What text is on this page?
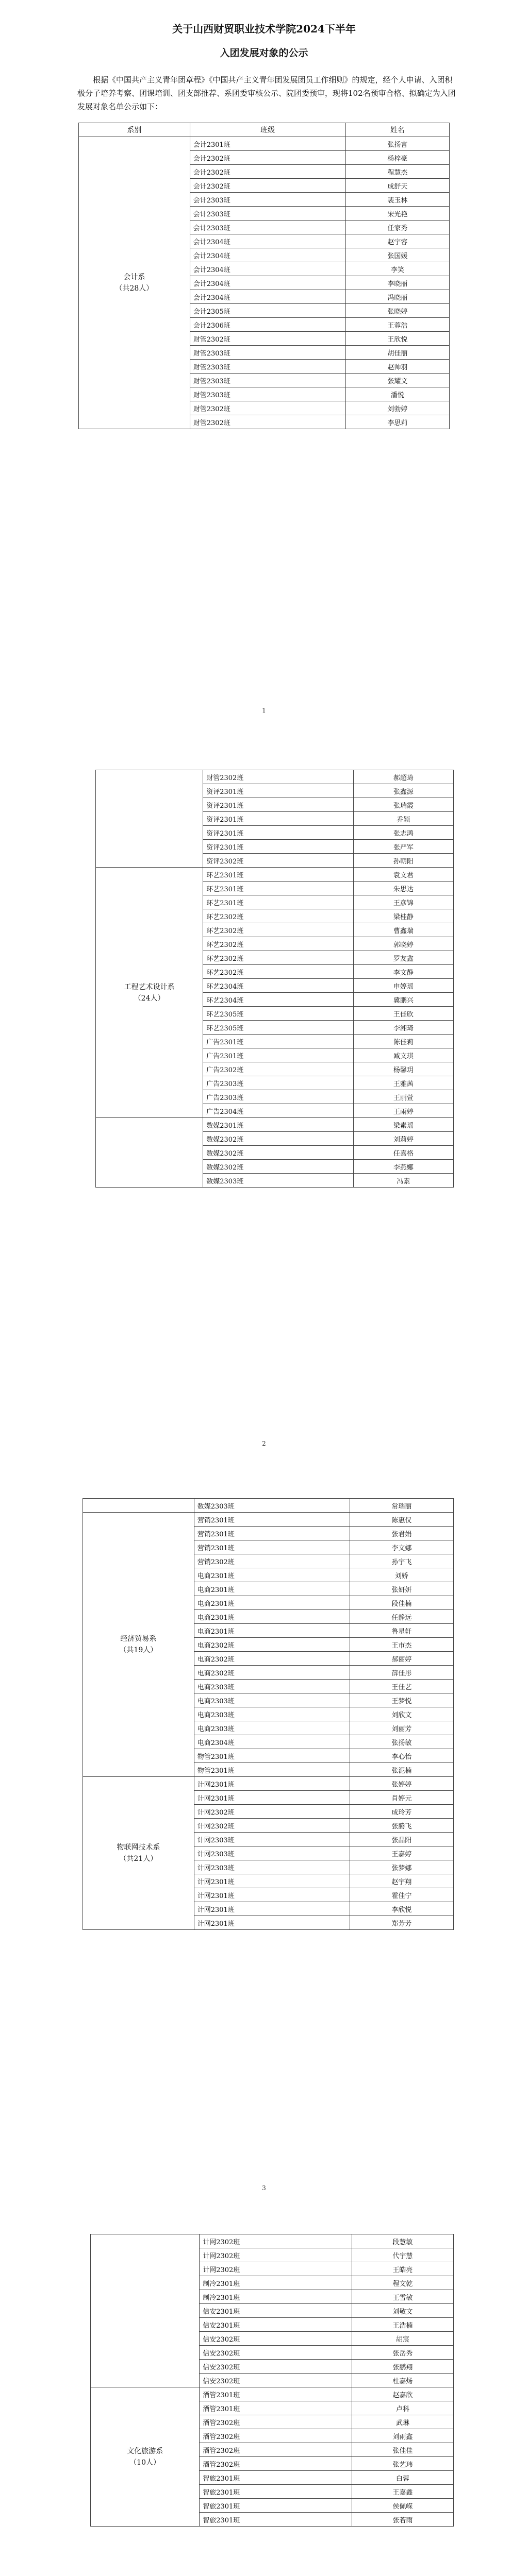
关于山西财贸职业技术学院2024下半年
入团发展对象的公示
根据《中国共产主义青年团章程》《中国共产主义青年团发展团员工作细则》的规定，经个人申请、入团积极分子培养考察、团课培训、团支部推荐、系团委审核公示、院团委预审，现将102名预审合格、拟确定为入团发展对象名单公示如下：
系别	班级	姓名

会计系
（共28人）	会计2301班	张扬言
	会计2302班	杨梓豪
	会计2302班	程慧杰
	会计2302班	成舒天
	会计2303班	裴玉林
	会计2303班	宋光艳
	会计2303班	任家秀
	会计2304班	赵宇容
	会计2304班	张国媛
	会计2304班	李笑
	会计2304班	李晓丽
	会计2304班	冯晓丽
	会计2305班	张晓婷
	会计2306班	王蓉浩
	财管2302班	王欣悦
	财管2303班	胡佳丽
	财管2303班	赵帅羽
	财管2303班	张耀文
	财管2303班	潘悦
	财管2302班	刘勃婷
	财管2302班	李思莉
1
	财管2302班	郝超琦
	资评2301班	张鑫源
	资评2301班	张瑞霞
	资评2301班	乔颖
	资评2301班	张志鸿
	资评2301班	张严军
	资评2302班	孙朝阳

工程艺术设计系
（24人）	环艺2301班	袁文君
	环艺2301班	朱思达
	环艺2301班	王彦锦
	环艺2302班	梁桂静
	环艺2302班	曹鑫瑞
	环艺2302班	郭晓婷
	环艺2302班	罗友鑫
	环艺2302班	李文静
	环艺2304班	申婷瑶
	环艺2304班	冀鹏兴
	环艺2305班	王佳欣
	环艺2305班	李湘琦
	广告2301班	陈佳莉
	广告2301班	臧文琪
	广告2302班	杨馨玥
	广告2303班	王雅茜
	广告2303班	王丽萱
	广告2304班	王雨婷

	数媒2301班	梁素瑶
	数媒2302班	刘莉婷
	数媒2302班	任嘉格
	数媒2302班	李燕娜
	数媒2303班	冯素
2
	数媒2303班	常瑞丽

经济贸易系
（共19人）	营销2301班	陈惠仪
	营销2301班	张君娟
	营销2301班	李文娜
	营销2302班	孙宇飞
	电商2301班	刘娇
	电商2301班	张妍妍
	电商2301班	段佳楠
	电商2301班	任静远
	电商2301班	鲁星轩
	电商2302班	王市杰
	电商2302班	郝丽婷
	电商2302班	薛佳彤
	电商2303班	王佳艺
	电商2303班	王梦悦
	电商2303班	刘欣文
	电商2303班	刘丽芳
	电商2304班	张扬敏
	物管2301班	李心怡
	物管2301班	张泥楠

物联网技术系
（共21人）	计网2301班	张婷婷
	计网2301班	肖婷元
	计网2302班	成玲芳
	计网2302班	张腾飞
	计网2303班	张晶阳
	计网2303班	王嘉婷
	计网2303班	张梦娜
	计网2301班	赵宇翔
	计网2301班	霍佳宁
	计网2301班	李欣悦
	计网2301班	郑芳芳
3
	计网2302班	段慧敏
	计网2302班	代宇慧
	计网2302班	王皓亮
	制冷2301班	程文乾
	制冷2301班	王雪敏
	信安2301班	刘敬文
	信安2301班	王浩楠
	信安2302班	胡宸
	信安2302班	张岳秀
	信安2302班	张鹏翔
	信安2302班	杜嘉炀

文化旅游系
（10人）	酒管2301班	赵嘉欣
	酒管2301班	卢科
	酒管2302班	武琳
	酒管2302班	刘雨鑫
	酒管2302班	张佳佳
	酒管2302班	张艺玮
	智旅2301班	白蓉
	智旅2301班	王嘉鑫
	智旅2301班	侯佩嵘
	智旅2301班	张若雨
